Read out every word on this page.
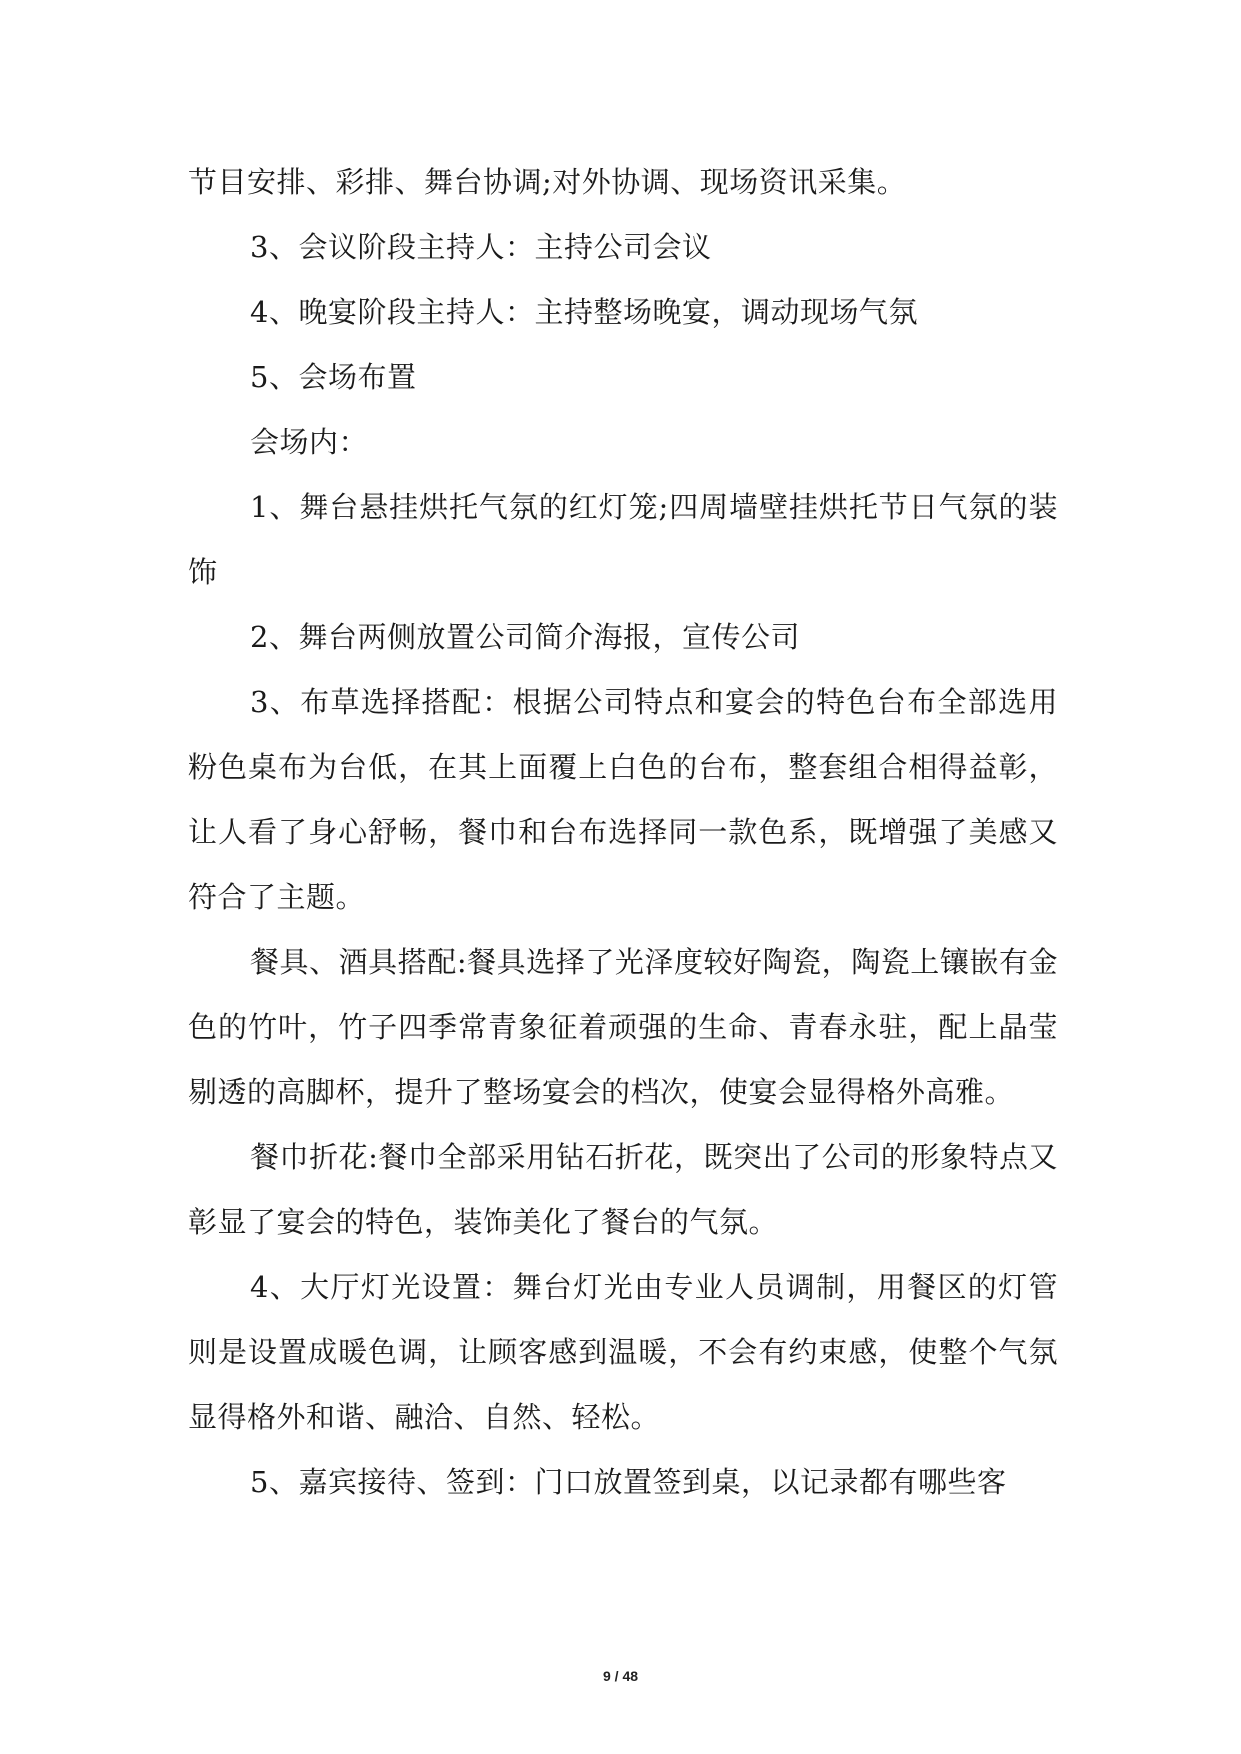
节目安排、彩排、舞台协调;对外协调、现场资讯采集。

3、会议阶段主持人：主持公司会议

4、晚宴阶段主持人：主持整场晚宴，调动现场气氛

5、会场布置

会场内：

1、舞台悬挂烘托气氛的红灯笼;四周墙壁挂烘托节日气氛的装饰

2、舞台两侧放置公司简介海报，宣传公司

3、布草选择搭配：根据公司特点和宴会的特色台布全部选用粉色桌布为台低，在其上面覆上白色的台布，整套组合相得益彰，让人看了身心舒畅，餐巾和台布选择同一款色系，既增强了美感又符合了主题。

餐具、酒具搭配:餐具选择了光泽度较好陶瓷，陶瓷上镶嵌有金色的竹叶，竹子四季常青象征着顽强的生命、青春永驻，配上晶莹剔透的高脚杯，提升了整场宴会的档次，使宴会显得格外高雅。

餐巾折花:餐巾全部采用钻石折花，既突出了公司的形象特点又彰显了宴会的特色，装饰美化了餐台的气氛。

4、大厅灯光设置：舞台灯光由专业人员调制，用餐区的灯管则是设置成暖色调，让顾客感到温暖，不会有约束感，使整个气氛显得格外和谐、融洽、自然、轻松。

5、嘉宾接待、签到：门口放置签到桌，以记录都有哪些客

9 / 48
